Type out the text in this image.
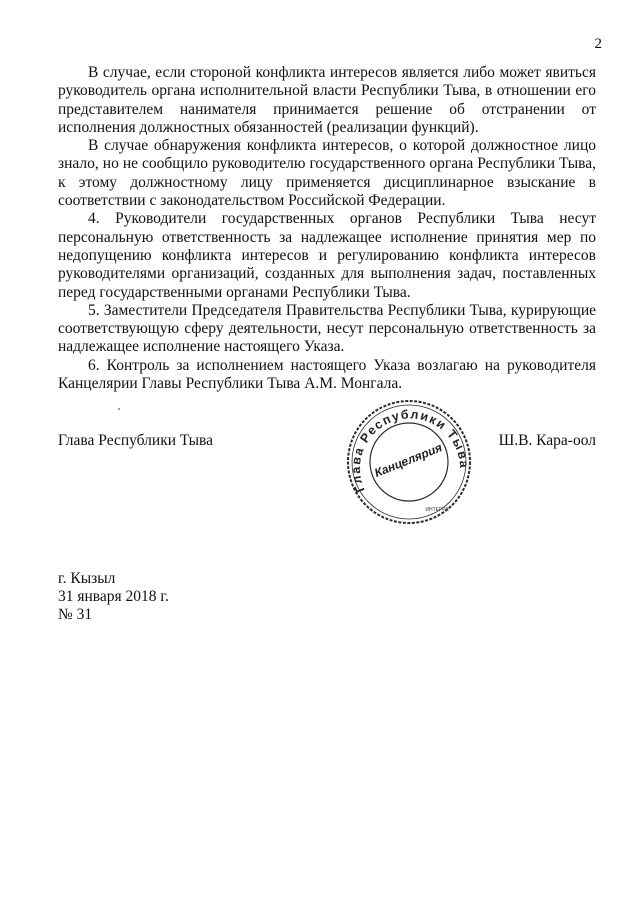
2

В случае, если стороной конфликта интересов является либо может явиться руководитель органа исполнительной власти Республики Тыва, в отношении его представителем нанимателя принимается решение об отстранении от исполнения должностных обязанностей (реализации функций).

В случае обнаружения конфликта интересов, о которой должностное лицо знало, но не сообщило руководителю государственного органа Республики Тыва, к этому должностному лицу применяется дисциплинарное взыскание в соответствии с законодательством Российской Федерации.

4. Руководители государственных органов Республики Тыва несут персональную ответственность за надлежащее исполнение принятия мер по недопущению конфликта интересов и регулированию конфликта интересов руководителями организаций, созданных для выполнения задач, поставленных перед государственными органами Республики Тыва.

5. Заместители Председателя Правительства Республики Тыва, курирующие соответствующую сферу деятельности, несут персональную ответственность за надлежащее исполнение настоящего Указа.

6. Контроль за исполнением настоящего Указа возлагаю на руководителя Канцелярии Главы Республики Тыва А.М. Монгала.

Глава Республики Тыва	Ш.В. Кара-оол
Глава Республики Тыва
Канцелярия
ИНТЕРРА
г. Кызыл
31 января 2018 г.
№ 31
